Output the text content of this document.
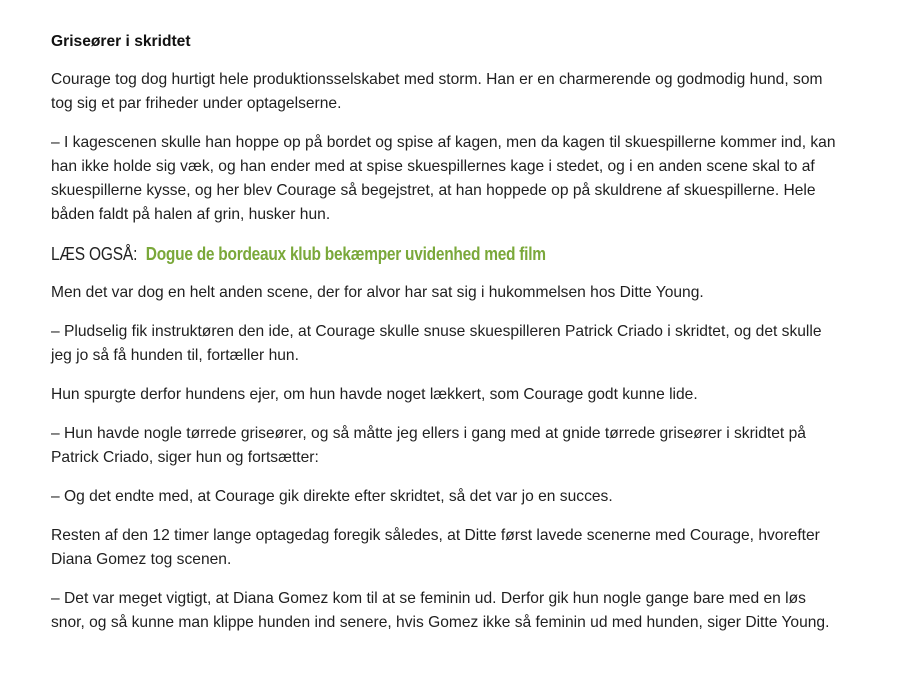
Griseører i skridtet

Courage tog dog hurtigt hele produktionsselskabet med storm. Han er en charmerende og godmodig hund, som tog sig et par friheder under optagelserne.

– I kagescenen skulle han hoppe op på bordet og spise af kagen, men da kagen til skuespillerne kommer ind, kan han ikke holde sig væk, og han ender med at spise skuespillernes kage i stedet, og i en anden scene skal to af skuespillerne kysse, og her blev Courage så begejstret, at han hoppede op på skuldrene af skuespillerne. Hele båden faldt på halen af grin, husker hun.

LÆS OGSÅ: Dogue de bordeaux klub bekæmper uvidenhed med film

Men det var dog en helt anden scene, der for alvor har sat sig i hukommelsen hos Ditte Young.

– Pludselig fik instruktøren den ide, at Courage skulle snuse skuespilleren Patrick Criado i skridtet, og det skulle jeg jo så få hunden til, fortæller hun.

Hun spurgte derfor hundens ejer, om hun havde noget lækkert, som Courage godt kunne lide.

– Hun havde nogle tørrede griseører, og så måtte jeg ellers i gang med at gnide tørrede griseører i skridtet på Patrick Criado, siger hun og fortsætter:

– Og det endte med, at Courage gik direkte efter skridtet, så det var jo en succes.

Resten af den 12 timer lange optagedag foregik således, at Ditte først lavede scenerne med Courage, hvorefter Diana Gomez tog scenen.

– Det var meget vigtigt, at Diana Gomez kom til at se feminin ud. Derfor gik hun nogle gange bare med en løs snor, og så kunne man klippe hunden ind senere, hvis Gomez ikke så feminin ud med hunden, siger Ditte Young.
